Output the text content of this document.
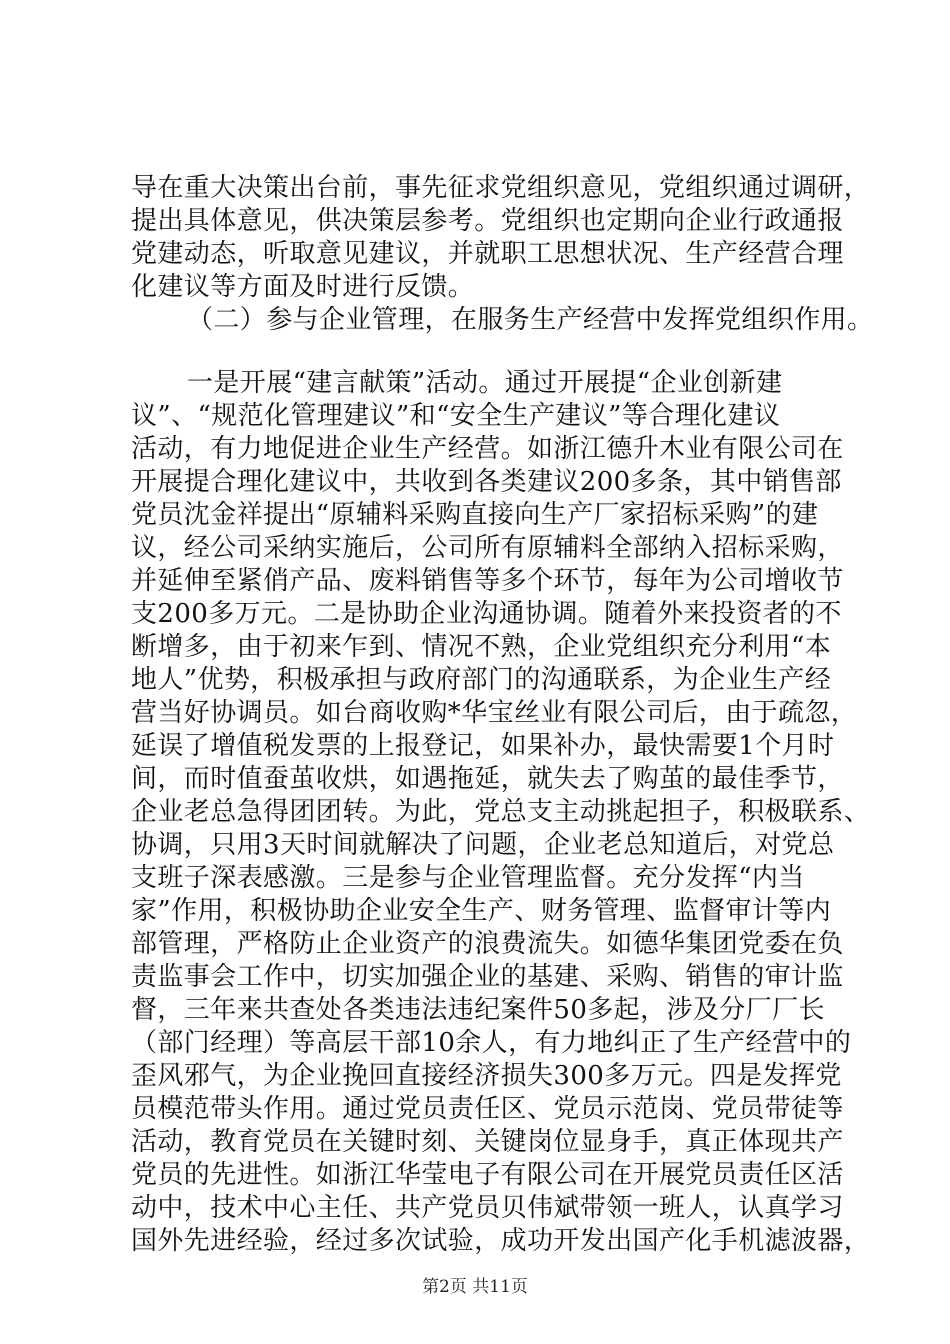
导在重大决策出台前，事先征求党组织意见，党组织通过调研，
提出具体意见，供决策层参考。党组织也定期向企业行政通报
党建动态，听取意见建议，并就职工思想状况、生产经营合理
化建议等方面及时进行反馈。
（二）参与企业管理，在服务生产经营中发挥党组织作用。
一是开展“建言献策”活动。通过开展提“企业创新建
议”、“规范化管理建议”和“安全生产建议”等合理化建议
活动，有力地促进企业生产经营。如浙江德升木业有限公司在
开展提合理化建议中，共收到各类建议200多条，其中销售部
党员沈金祥提出“原辅料采购直接向生产厂家招标采购”的建
议，经公司采纳实施后，公司所有原辅料全部纳入招标采购，
并延伸至紧俏产品、废料销售等多个环节，每年为公司增收节
支200多万元。二是协助企业沟通协调。随着外来投资者的不
断增多，由于初来乍到、情况不熟，企业党组织充分利用“本
地人”优势，积极承担与政府部门的沟通联系，为企业生产经
营当好协调员。如台商收购*华宝丝业有限公司后，由于疏忽，
延误了增值税发票的上报登记，如果补办，最快需要1个月时
间，而时值蚕茧收烘，如遇拖延，就失去了购茧的最佳季节，
企业老总急得团团转。为此，党总支主动挑起担子，积极联系、
协调，只用3天时间就解决了问题，企业老总知道后，对党总
支班子深表感激。三是参与企业管理监督。充分发挥“内当
家”作用，积极协助企业安全生产、财务管理、监督审计等内
部管理，严格防止企业资产的浪费流失。如德华集团党委在负
责监事会工作中，切实加强企业的基建、采购、销售的审计监
督，三年来共查处各类违法违纪案件50多起，涉及分厂厂长
（部门经理）等高层干部10余人，有力地纠正了生产经营中的
歪风邪气，为企业挽回直接经济损失300多万元。四是发挥党
员模范带头作用。通过党员责任区、党员示范岗、党员带徒等
活动，教育党员在关键时刻、关键岗位显身手，真正体现共产
党员的先进性。如浙江华莹电子有限公司在开展党员责任区活
动中，技术中心主任、共产党员贝伟斌带领一班人，认真学习
国外先进经验，经过多次试验，成功开发出国产化手机滤波器，
第2页 共11页
